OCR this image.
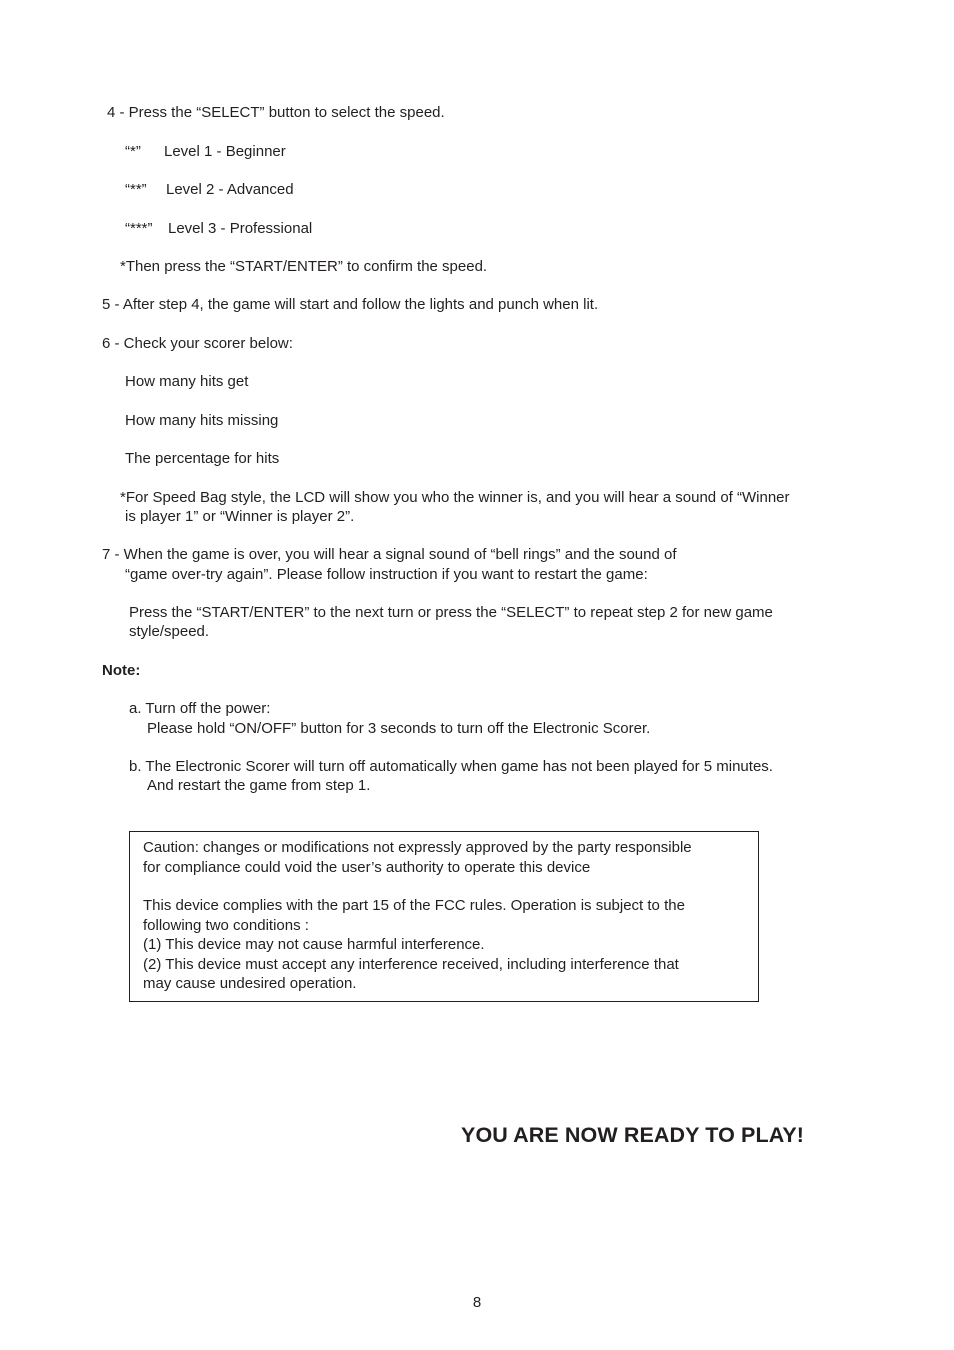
4 - Press the “SELECT” button to select the speed.

“*” Level 1 - Beginner
“**” Level 2 - Advanced
“***” Level 3 - Professional

*Then press the “START/ENTER” to confirm the speed.

5 - After step 4, the game will start and follow the lights and punch when lit.

6 - Check your scorer below:

How many hits get

How many hits missing

The percentage for hits

*For Speed Bag style, the LCD will show you who the winner is, and you will hear a sound of “Winner

is player 1” or “Winner is player 2”.

7 - When the game is over, you will hear a signal sound of “bell rings” and the sound of

“game over-try again”. Please follow instruction if you want to restart the game:

Press the “START/ENTER” to the next turn or press the “SELECT” to repeat step 2 for new game

style/speed.

Note:

a. Turn off the power:

Please hold “ON/OFF” button for 3 seconds to turn off the Electronic Scorer.

b. The Electronic Scorer will turn off automatically when game has not been played for 5 minutes.

And restart the game from step 1.

Caution: changes or modifications not expressly approved by the party responsible

for compliance could void the user’s authority to operate this device

This device complies with the part 15 of the FCC rules. Operation is subject to the

following two conditions :

(1) This device may not cause harmful interference.

(2) This device must accept any interference received, including interference that

may cause undesired operation.

YOU ARE NOW READY TO PLAY!

8
